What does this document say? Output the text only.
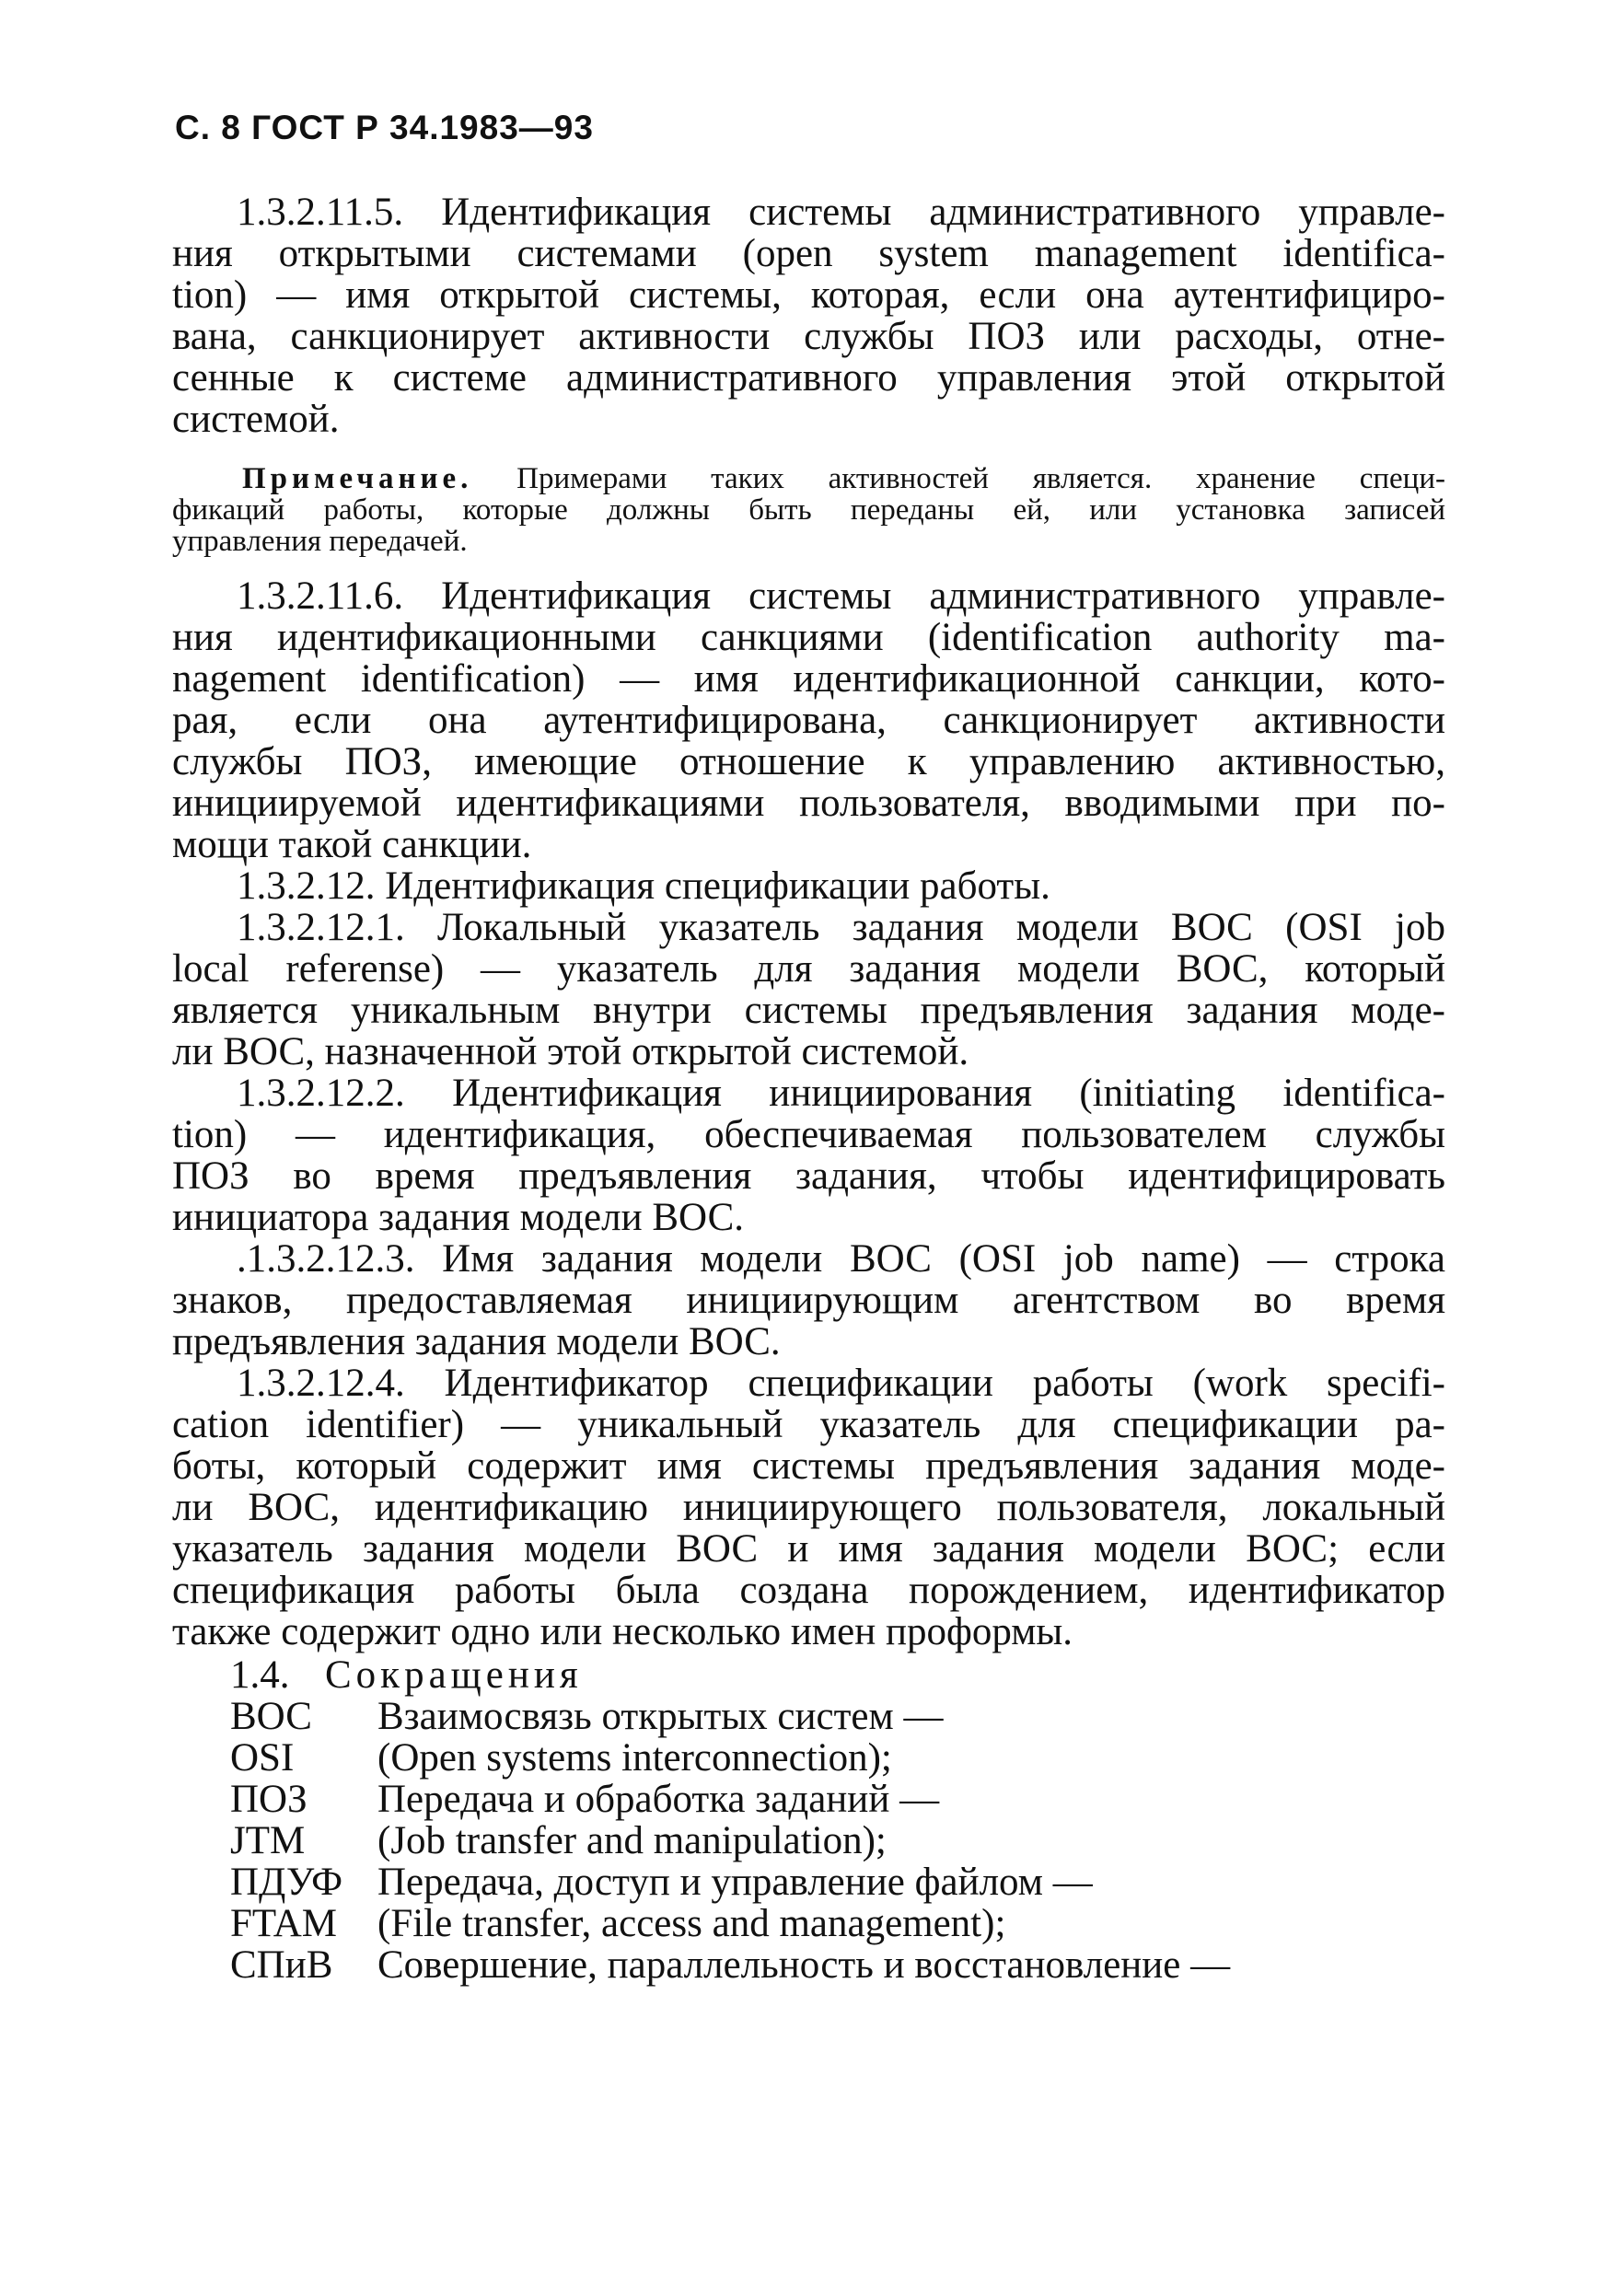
С. 8 ГОСТ Р 34.1983—93
1.3.2.11.5. Идентификация системы административного управле-
ния открытыми системами (open system management identifica-
tion) — имя открытой системы, которая, если она аутентифициро-
вана, санкционирует активности службы ПОЗ или расходы, отне-
сенные к системе административного управления этой открытой
системой.
Примечание. Примерами таких активностей является. хранение специ-
фикаций работы, которые должны быть переданы ей, или установка записей
управления передачей.
1.3.2.11.6. Идентификация системы административного управле-
ния идентификационными санкциями (identification authority ma-
nagement identification) — имя идентификационной санкции, кото-
рая, если она аутентифицирована, санкционирует активности
службы ПОЗ, имеющие отношение к управлению активностью,
инициируемой идентификациями пользователя, вводимыми при по-
мощи такой санкции.
1.3.2.12. Идентификация спецификации работы.
1.3.2.12.1. Локальный указатель задания модели ВОС (OSI job
local referense) — указатель для задания модели ВОС, который
является уникальным внутри системы предъявления задания моде-
ли ВОС, назначенной этой открытой системой.
1.3.2.12.2. Идентификация инициирования (initiating identifica-
tion) — идентификация, обеспечиваемая пользователем службы
ПОЗ во время предъявления задания, чтобы идентифицировать
инициатора задания модели ВОС.
.1.3.2.12.3. Имя задания модели ВОС (OSI job name) — строка
знаков, предоставляемая инициирующим агентством во время
предъявления задания модели ВОС.
1.3.2.12.4. Идентификатор спецификации работы (work specifi-
cation identifier) — уникальный указатель для спецификации ра-
боты, который содержит имя системы предъявления задания моде-
ли ВОС, идентификацию инициирующего пользователя, локальный
указатель задания модели ВОС и имя задания модели ВОС; если
спецификация работы была создана порождением, идентификатор
также содержит одно или несколько имен проформы.
1.4. Сокращения
ВОС	Взаимосвязь открытых систем —
OSI	(Open systems interconnection);
ПОЗ	Передача и обработка заданий —
JTM	(Job transfer and manipulation);
ПДУФ Передача, доступ и управление файлом —
FTAM	(File transfer, access and management);
СПиВ	Совершение, параллельность и восстановление —
